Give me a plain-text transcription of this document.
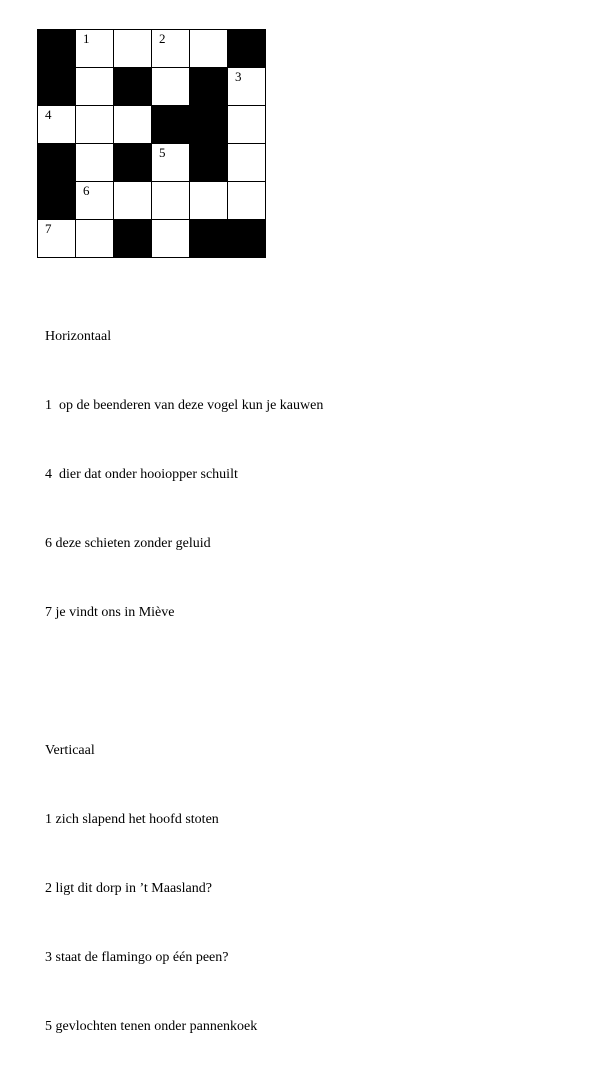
1	2
3
4
5
6
7

Horizontaal

1  op de beenderen van deze vogel kun je kauwen

4  dier dat onder hooiopper schuilt

6 deze schieten zonder geluid

7 je vindt ons in Miève

Verticaal

1 zich slapend het hoofd stoten

2 ligt dit dorp in ’t Maasland?

3 staat de flamingo op één peen?

5 gevlochten tenen onder pannenkoek
